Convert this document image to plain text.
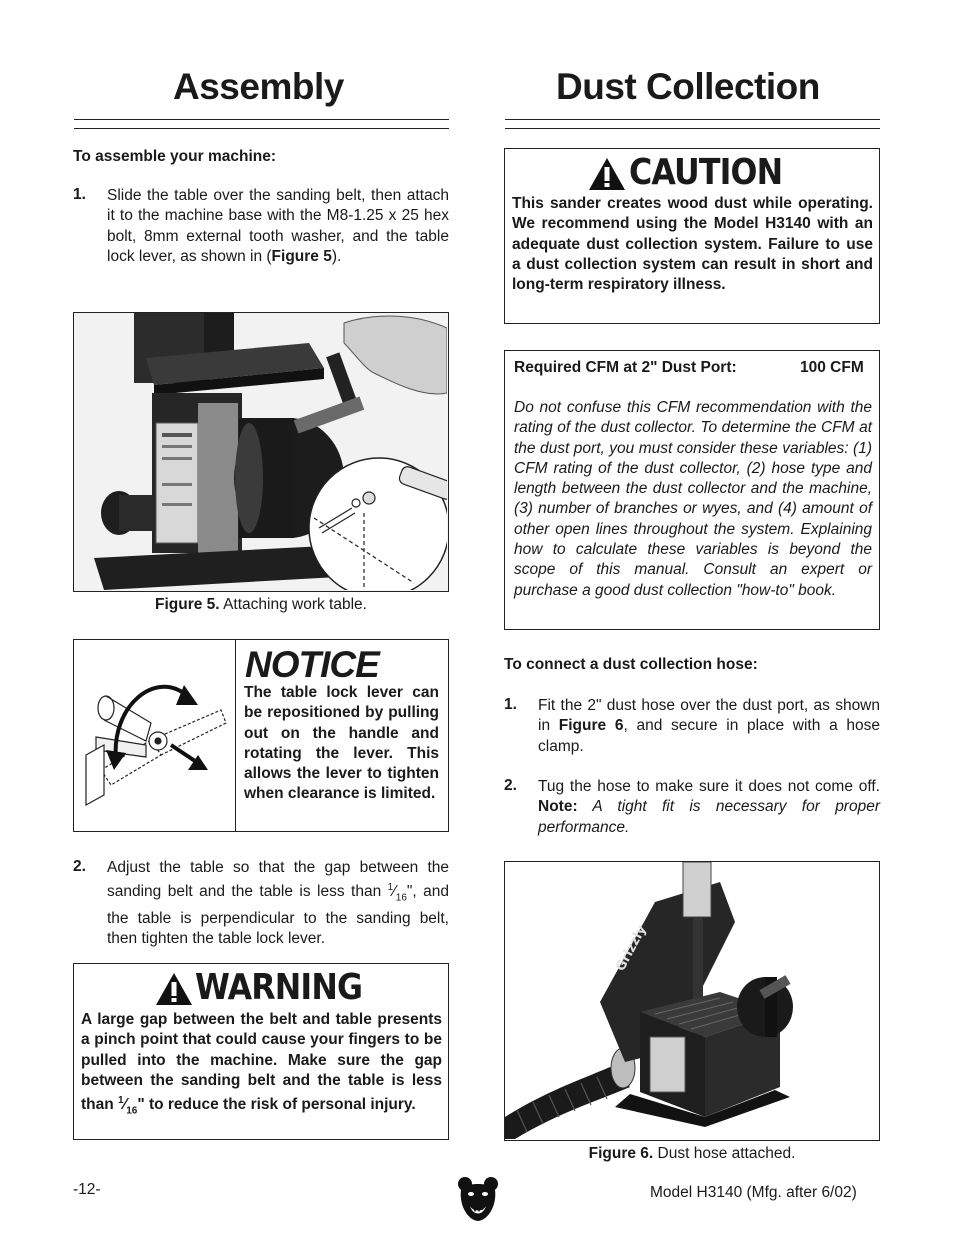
Assembly
To assemble your machine:
1. Slide the table over the sanding belt, then attach it to the machine base with the M8-1.25 x 25 hex bolt, 8mm external tooth washer, and the table lock lever, as shown in (Figure 5).
Figure 5. Attaching work table.
NOTICE
The table lock lever can be repositioned by pulling out on the handle and rotating the lever. This allows the lever to tighten when clearance is limited.
2. Adjust the table so that the gap between the sanding belt and the table is less than $^1⁄_{16}$", and the table is perpendicular to the sanding belt, then tighten the table lock lever.
WARNING
A large gap between the belt and table presents a pinch point that could cause your fingers to be pulled into the machine. Make sure the gap between the sanding belt and the table is less than $^1⁄_{16}$" to reduce the risk of personal injury.
Dust Collection
CAUTION
This sander creates wood dust while operating. We recommend using the Model H3140 with an adequate dust collection system. Failure to use a dust collection system can result in short and long-term respiratory illness.
Required CFM at 2" Dust Port:	100 CFM
Do not confuse this CFM recommendation with the rating of the dust collector. To determine the CFM at the dust port, you must consider these variables: (1) CFM rating of the dust collector, (2) hose type and length between the dust collector and the machine, (3) number of branches or wyes, and (4) amount of other open lines throughout the system. Explaining how to calculate these variables is beyond the scope of this manual. Consult an expert or purchase a good dust collection "how-to" book.
To connect a dust collection hose:
1. Fit the 2" dust hose over the dust port, as shown in Figure 6, and secure in place with a hose clamp.
2. Tug the hose to make sure it does not come off. Note: A tight fit is necessary for proper performance.
Grizzly
Figure 6. Dust hose attached.
-12-	Model H3140 (Mfg. after 6/02)
